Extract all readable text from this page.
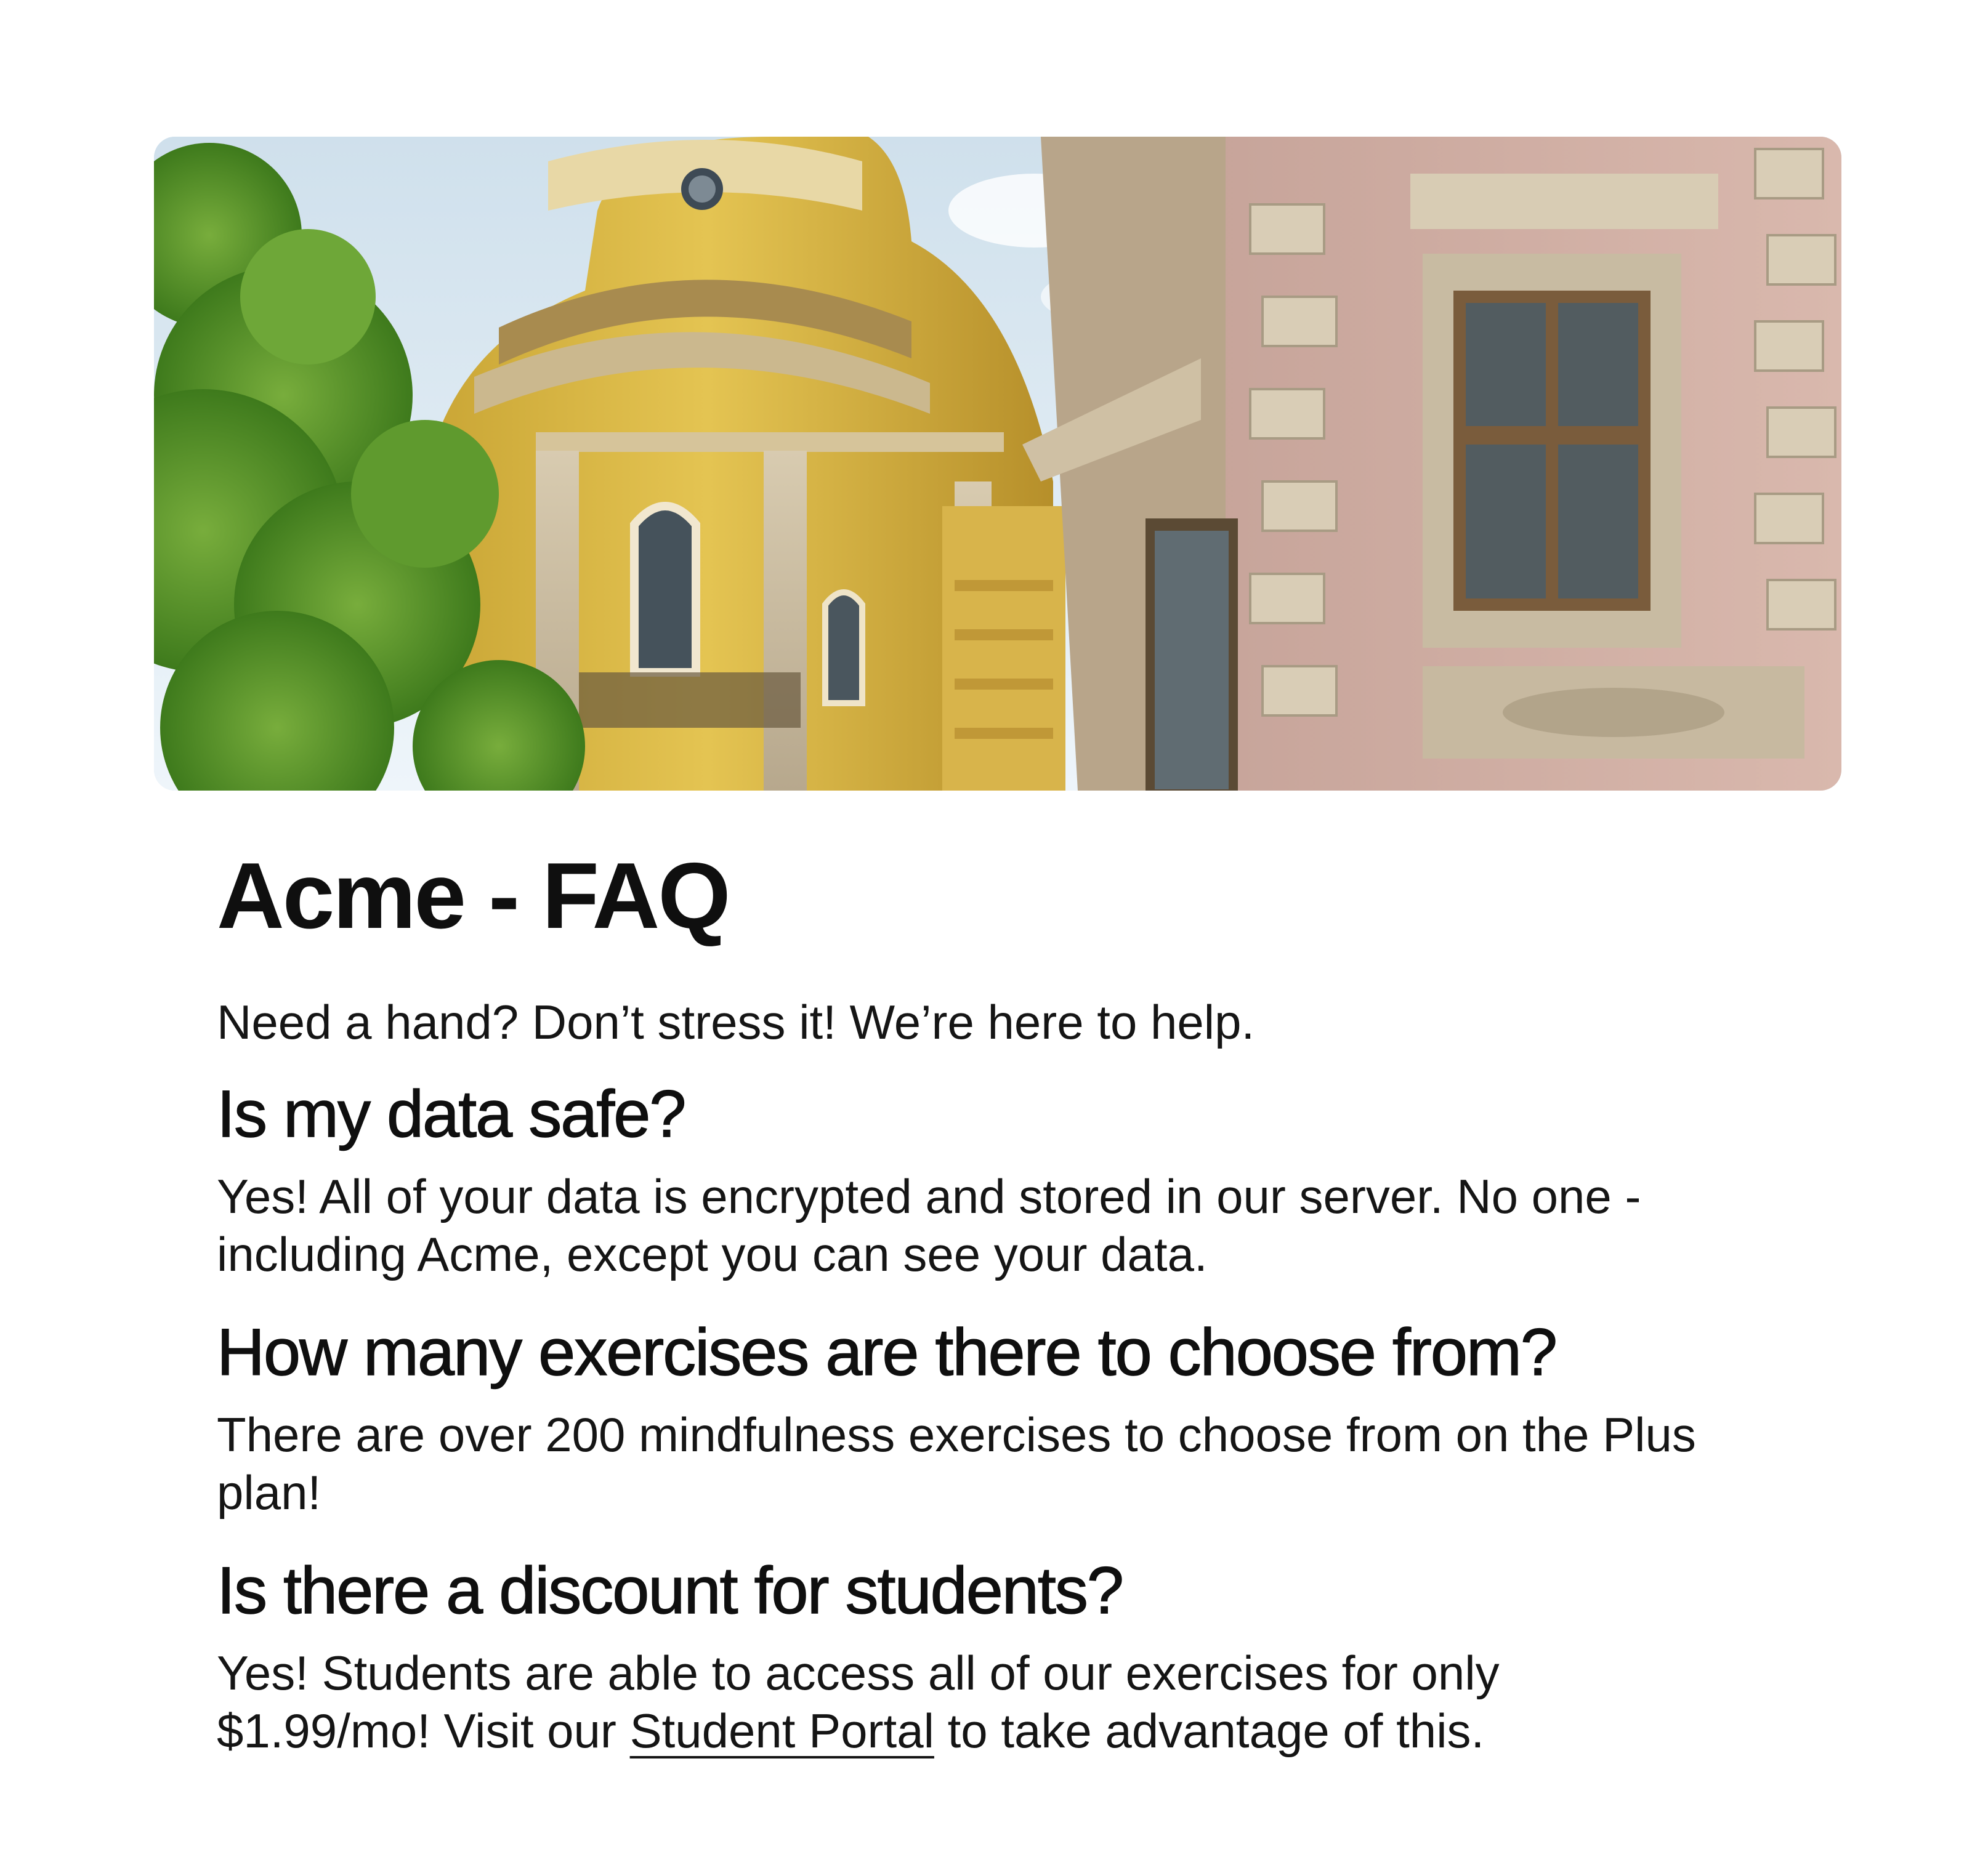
Acme - FAQ

Need a hand? Don’t stress it! We’re here to help.

Is my data safe?

Yes! All of your data is encrypted and stored in our server. No one - including Acme, except you can see your data.

How many exercises are there to choose from?

There are over 200 mindfulness exercises to choose from on the Plus plan!

Is there a discount for students?

Yes! Students are able to access all of our exercises for only $1.99/mo! Visit our Student Portal to take advantage of this.
